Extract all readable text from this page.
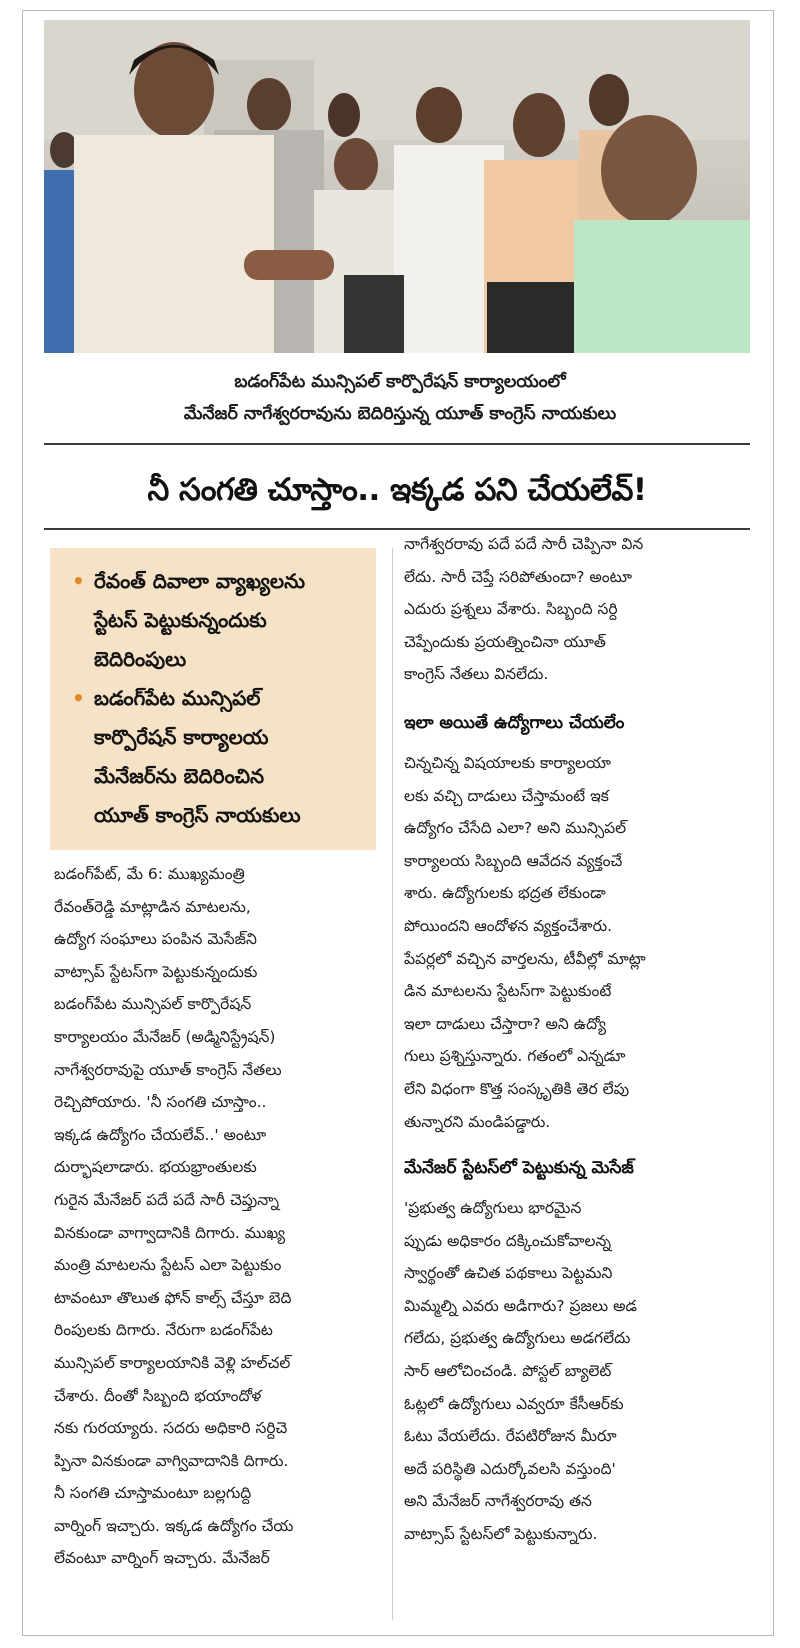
బడంగ్‌పేట మున్సిపల్ కార్పొరేషన్ కార్యాలయంలో
మేనేజర్ నాగేశ్వరరావును బెదిరిస్తున్న యూత్ కాంగ్రెస్ నాయకులు
నీ సంగతి చూస్తాం.. ఇక్కడ పని చేయలేవ్!
• రేవంత్ దివాలా వ్యాఖ్యలను
స్టేటస్ పెట్టుకున్నందుకు
బెదిరింపులు
• బడంగ్‌పేట మున్సిపల్
కార్పొరేషన్ కార్యాలయ
మేనేజర్‌ను బెదిరించిన
యూత్ కాంగ్రెస్ నాయకులు
బడంగ్‌పేట్, మే 6: ముఖ్యమంత్రి
రేవంత్‌రెడ్డి మాట్లాడిన మాటలను,
ఉద్యోగ సంఘాలు పంపిన మెసేజ్‌ని
వాట్సాప్ స్టేటస్‌గా పెట్టుకున్నందుకు
బడంగ్‌పేట మున్సిపల్ కార్పొరేషన్
కార్యాలయం మేనేజర్ (అడ్మినిస్ట్రేషన్)
నాగేశ్వరరావుపై యూత్ కాంగ్రెస్ నేతలు
రెచ్చిపోయారు. 'నీ సంగతి చూస్తాం..
ఇక్కడ ఉద్యోగం చేయలేవ్..' అంటూ
దుర్భాషలాడారు. భయభ్రాంతులకు
గురైన మేనేజర్ పదే పదే సారీ చెప్తున్నా
వినకుండా వాగ్వాదానికి దిగారు. ముఖ్య
మంత్రి మాటలను స్టేటస్ ఎలా పెట్టుకుం
టావంటూ తొలుత ఫోన్ కాల్స్ చేస్తూ బెది
రింపులకు దిగారు. నేరుగా బడంగ్‌పేట
మున్సిపల్ కార్యాలయానికి వెళ్లి హల్‌చల్
చేశారు. దీంతో సిబ్బంది భయాందోళ
నకు గురయ్యారు. సదరు అధికారి సర్దిచె
ప్పినా వినకుండా వాగ్వివాదానికి దిగారు.
నీ సంగతి చూస్తామంటూ బల్లగుద్ది
వార్నింగ్ ఇచ్చారు. ఇక్కడ ఉద్యోగం చేయ
లేవంటూ వార్నింగ్ ఇచ్చారు. మేనేజర్
నాగేశ్వరరావు పదే పదే సారీ చెప్పినా విన
లేదు. సారీ చెప్తే సరిపోతుందా? అంటూ
ఎదురు ప్రశ్నలు వేశారు. సిబ్బంది సర్ది
చెప్పేందుకు ప్రయత్నించినా యూత్
కాంగ్రెస్ నేతలు వినలేదు.
ఇలా అయితే ఉద్యోగాలు చేయలేం
చిన్నచిన్న విషయాలకు కార్యాలయా
లకు వచ్చి దాడులు చేస్తామంటే ఇక
ఉద్యోగం చేసేది ఎలా? అని మున్సిపల్
కార్యాలయ సిబ్బంది ఆవేదన వ్యక్తంచే
శారు. ఉద్యోగులకు భద్రత లేకుండా
పోయిందని ఆందోళన వ్యక్తంచేశారు.
పేపర్లలో వచ్చిన వార్తలను, టీవీల్లో మాట్లా
డిన మాటలను స్టేటస్‌గా పెట్టుకుంటే
ఇలా దాడులు చేస్తారా? అని ఉద్యో
గులు ప్రశ్నిస్తున్నారు. గతంలో ఎన్నడూ
లేని విధంగా కొత్త సంస్కృతికి తెర లేపు
తున్నారని మండిపడ్డారు.
మేనేజర్ స్టేటస్‌లో పెట్టుకున్న మెసేజ్
'ప్రభుత్వ ఉద్యోగులు భారమైన
ప్పుడు అధికారం దక్కించుకోవాలన్న
స్వార్థంతో ఉచిత పథకాలు పెట్టమని
మిమ్మల్ని ఎవరు అడిగారు? ప్రజలు అడ
గలేదు, ప్రభుత్వ ఉద్యోగులు అడగలేదు
సార్ ఆలోచించండి. పోస్టల్ బ్యాలెట్
ఓట్లలో ఉద్యోగులు ఎవ్వరూ కేసీఆర్‌కు
ఓటు వేయలేదు. రేపటిరోజున మీరూ
అదే పరిస్థితి ఎదుర్కోవలసి వస్తుంది'
అని మేనేజర్ నాగేశ్వరరావు తన
వాట్సాప్ స్టేటస్‌లో పెట్టుకున్నారు.
